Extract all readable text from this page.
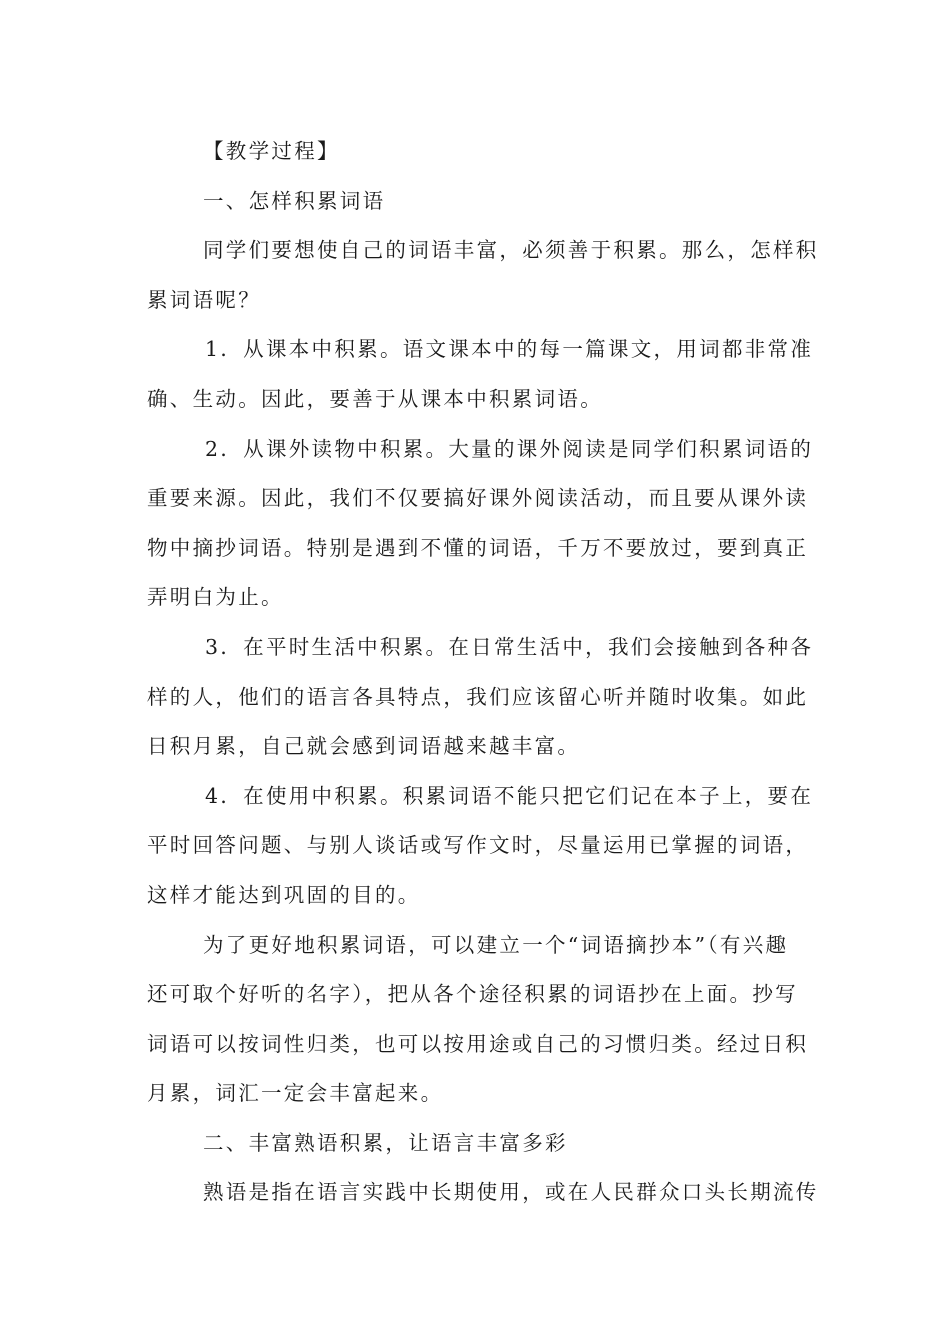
【教学过程】

一、怎样积累词语

同学们要想使自己的词语丰富，必须善于积累。那么，怎样积

累词语呢？

1．从课本中积累。语文课本中的每一篇课文，用词都非常准

确、生动。因此，要善于从课本中积累词语。

2．从课外读物中积累。大量的课外阅读是同学们积累词语的

重要来源。因此，我们不仅要搞好课外阅读活动，而且要从课外读

物中摘抄词语。特别是遇到不懂的词语，千万不要放过，要到真正

弄明白为止。

3．在平时生活中积累。在日常生活中，我们会接触到各种各

样的人，他们的语言各具特点，我们应该留心听并随时收集。如此

日积月累，自己就会感到词语越来越丰富。

4．在使用中积累。积累词语不能只把它们记在本子上，要在

平时回答问题、与别人谈话或写作文时，尽量运用已掌握的词语，

这样才能达到巩固的目的。

为了更好地积累词语，可以建立一个“词语摘抄本”（有兴趣

还可取个好听的名字），把从各个途径积累的词语抄在上面。抄写

词语可以按词性归类，也可以按用途或自己的习惯归类。经过日积

月累，词汇一定会丰富起来。

二、丰富熟语积累，让语言丰富多彩

熟语是指在语言实践中长期使用，或在人民群众口头长期流传
